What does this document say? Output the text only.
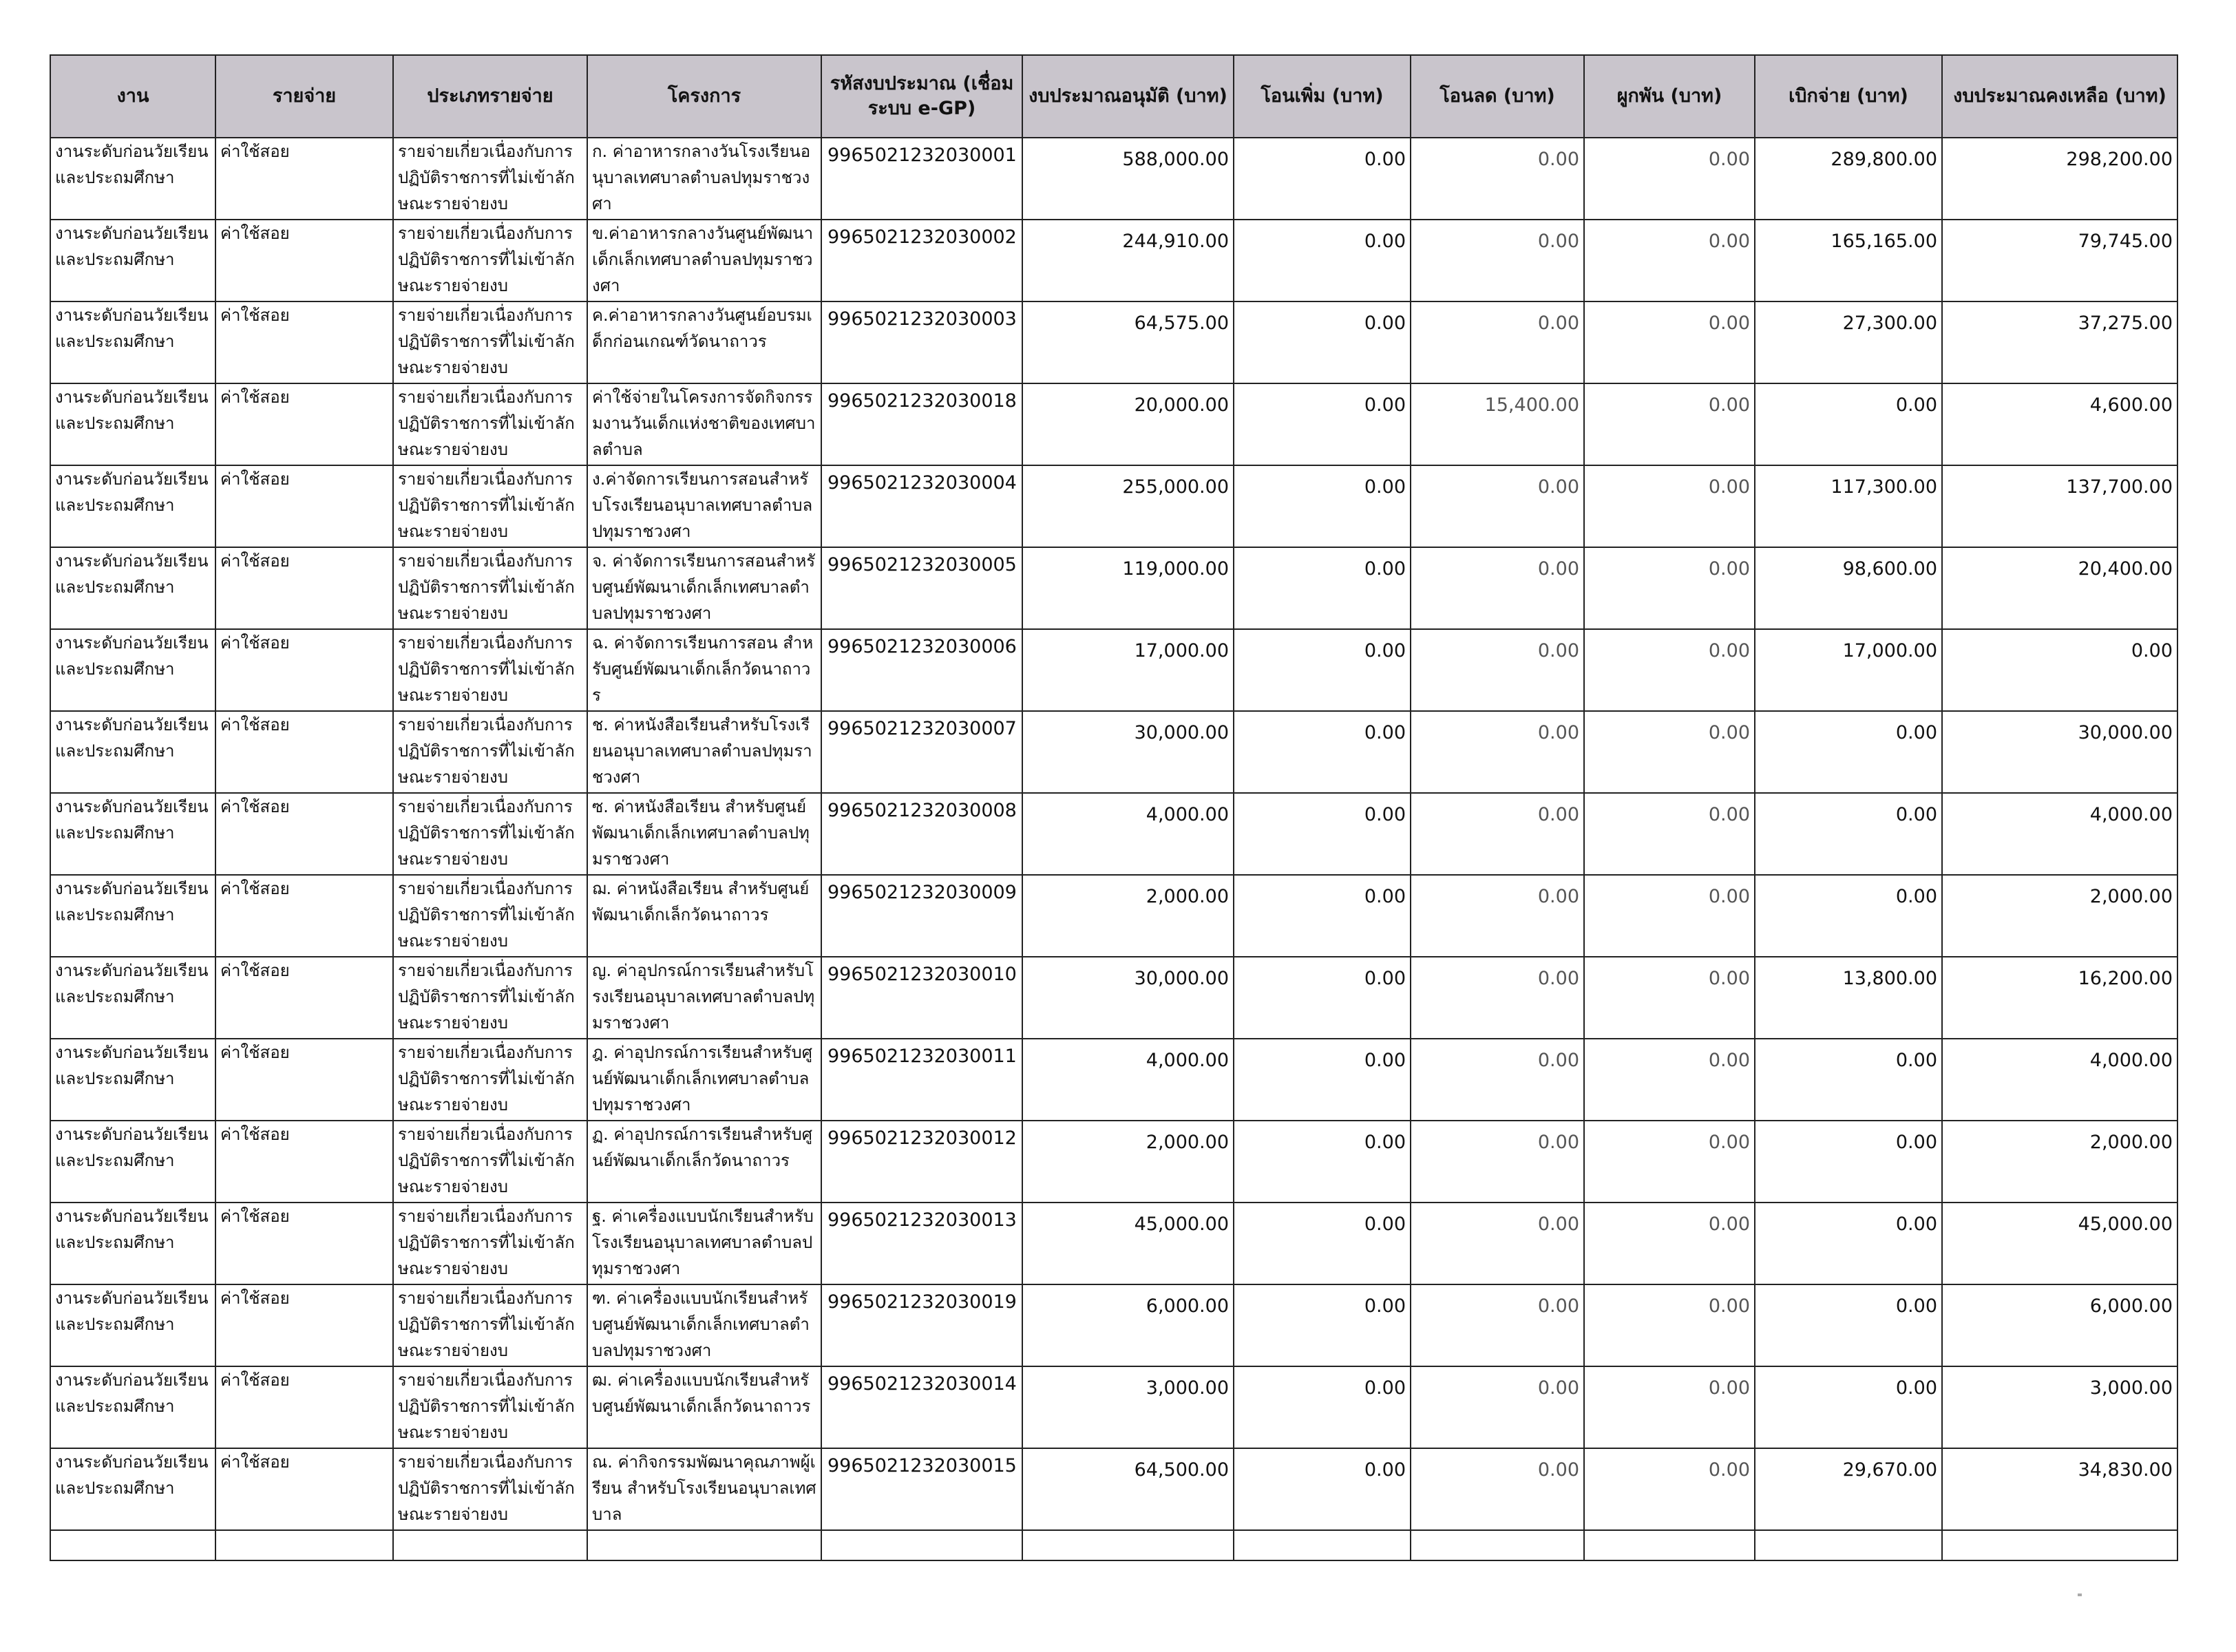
งาน	รายจ่าย	ประเภทรายจ่าย	โครงการ	รหัสงบประมาณ (เชื่อมระบบ e-GP)	งบประมาณอนุมัติ (บาท)	โอนเพิ่ม (บาท)	โอนลด (บาท)	ผูกพัน (บาท)	เบิกจ่าย (บาท)	งบประมาณคงเหลือ (บาท)
งานระดับก่อนวัยเรียนและประถมศึกษา	ค่าใช้สอย	รายจ่ายเกี่ยวเนื่องกับการปฏิบัติราชการที่ไม่เข้าลักษณะรายจ่ายงบ	ก. ค่าอาหารกลางวันโรงเรียนอนุบาลเทศบาลตำบลปทุมราชวงศา	9965021232030001	588,000.00	0.00	0.00	0.00	289,800.00	298,200.00
งานระดับก่อนวัยเรียนและประถมศึกษา	ค่าใช้สอย	รายจ่ายเกี่ยวเนื่องกับการปฏิบัติราชการที่ไม่เข้าลักษณะรายจ่ายงบ	ข.ค่าอาหารกลางวันศูนย์พัฒนาเด็กเล็กเทศบาลตำบลปทุมราชวงศา	9965021232030002	244,910.00	0.00	0.00	0.00	165,165.00	79,745.00
งานระดับก่อนวัยเรียนและประถมศึกษา	ค่าใช้สอย	รายจ่ายเกี่ยวเนื่องกับการปฏิบัติราชการที่ไม่เข้าลักษณะรายจ่ายงบ	ค.ค่าอาหารกลางวันศูนย์อบรมเด็กก่อนเกณฑ์วัดนาถาวร	9965021232030003	64,575.00	0.00	0.00	0.00	27,300.00	37,275.00
งานระดับก่อนวัยเรียนและประถมศึกษา	ค่าใช้สอย	รายจ่ายเกี่ยวเนื่องกับการปฏิบัติราชการที่ไม่เข้าลักษณะรายจ่ายงบ	ค่าใช้จ่ายในโครงการจัดกิจกรรมงานวันเด็กแห่งชาติของเทศบาลตำบล	9965021232030018	20,000.00	0.00	15,400.00	0.00	0.00	4,600.00
งานระดับก่อนวัยเรียนและประถมศึกษา	ค่าใช้สอย	รายจ่ายเกี่ยวเนื่องกับการปฏิบัติราชการที่ไม่เข้าลักษณะรายจ่ายงบ	ง.ค่าจัดการเรียนการสอนสำหรับโรงเรียนอนุบาลเทศบาลตำบลปทุมราชวงศา	9965021232030004	255,000.00	0.00	0.00	0.00	117,300.00	137,700.00
งานระดับก่อนวัยเรียนและประถมศึกษา	ค่าใช้สอย	รายจ่ายเกี่ยวเนื่องกับการปฏิบัติราชการที่ไม่เข้าลักษณะรายจ่ายงบ	จ. ค่าจัดการเรียนการสอนสำหรับศูนย์พัฒนาเด็กเล็กเทศบาลตำบลปทุมราชวงศา	9965021232030005	119,000.00	0.00	0.00	0.00	98,600.00	20,400.00
งานระดับก่อนวัยเรียนและประถมศึกษา	ค่าใช้สอย	รายจ่ายเกี่ยวเนื่องกับการปฏิบัติราชการที่ไม่เข้าลักษณะรายจ่ายงบ	ฉ. ค่าจัดการเรียนการสอน สำหรับศูนย์พัฒนาเด็กเล็กวัดนาถาวร	9965021232030006	17,000.00	0.00	0.00	0.00	17,000.00	0.00
งานระดับก่อนวัยเรียนและประถมศึกษา	ค่าใช้สอย	รายจ่ายเกี่ยวเนื่องกับการปฏิบัติราชการที่ไม่เข้าลักษณะรายจ่ายงบ	ช. ค่าหนังสือเรียนสำหรับโรงเรียนอนุบาลเทศบาลตำบลปทุมราชวงศา	9965021232030007	30,000.00	0.00	0.00	0.00	0.00	30,000.00
งานระดับก่อนวัยเรียนและประถมศึกษา	ค่าใช้สอย	รายจ่ายเกี่ยวเนื่องกับการปฏิบัติราชการที่ไม่เข้าลักษณะรายจ่ายงบ	ซ. ค่าหนังสือเรียน สำหรับศูนย์พัฒนาเด็กเล็กเทศบาลตำบลปทุมราชวงศา	9965021232030008	4,000.00	0.00	0.00	0.00	0.00	4,000.00
งานระดับก่อนวัยเรียนและประถมศึกษา	ค่าใช้สอย	รายจ่ายเกี่ยวเนื่องกับการปฏิบัติราชการที่ไม่เข้าลักษณะรายจ่ายงบ	ฌ. ค่าหนังสือเรียน สำหรับศูนย์พัฒนาเด็กเล็กวัดนาถาวร	9965021232030009	2,000.00	0.00	0.00	0.00	0.00	2,000.00
งานระดับก่อนวัยเรียนและประถมศึกษา	ค่าใช้สอย	รายจ่ายเกี่ยวเนื่องกับการปฏิบัติราชการที่ไม่เข้าลักษณะรายจ่ายงบ	ญ. ค่าอุปกรณ์การเรียนสำหรับโรงเรียนอนุบาลเทศบาลตำบลปทุมราชวงศา	9965021232030010	30,000.00	0.00	0.00	0.00	13,800.00	16,200.00
งานระดับก่อนวัยเรียนและประถมศึกษา	ค่าใช้สอย	รายจ่ายเกี่ยวเนื่องกับการปฏิบัติราชการที่ไม่เข้าลักษณะรายจ่ายงบ	ฎ. ค่าอุปกรณ์การเรียนสำหรับศูนย์พัฒนาเด็กเล็กเทศบาลตำบลปทุมราชวงศา	9965021232030011	4,000.00	0.00	0.00	0.00	0.00	4,000.00
งานระดับก่อนวัยเรียนและประถมศึกษา	ค่าใช้สอย	รายจ่ายเกี่ยวเนื่องกับการปฏิบัติราชการที่ไม่เข้าลักษณะรายจ่ายงบ	ฏ. ค่าอุปกรณ์การเรียนสำหรับศูนย์พัฒนาเด็กเล็กวัดนาถาวร	9965021232030012	2,000.00	0.00	0.00	0.00	0.00	2,000.00
งานระดับก่อนวัยเรียนและประถมศึกษา	ค่าใช้สอย	รายจ่ายเกี่ยวเนื่องกับการปฏิบัติราชการที่ไม่เข้าลักษณะรายจ่ายงบ	ฐ. ค่าเครื่องแบบนักเรียนสำหรับโรงเรียนอนุบาลเทศบาลตำบลปทุมราชวงศา	9965021232030013	45,000.00	0.00	0.00	0.00	0.00	45,000.00
งานระดับก่อนวัยเรียนและประถมศึกษา	ค่าใช้สอย	รายจ่ายเกี่ยวเนื่องกับการปฏิบัติราชการที่ไม่เข้าลักษณะรายจ่ายงบ	ฑ. ค่าเครื่องแบบนักเรียนสำหรับศูนย์พัฒนาเด็กเล็กเทศบาลตำบลปทุมราชวงศา	9965021232030019	6,000.00	0.00	0.00	0.00	0.00	6,000.00
งานระดับก่อนวัยเรียนและประถมศึกษา	ค่าใช้สอย	รายจ่ายเกี่ยวเนื่องกับการปฏิบัติราชการที่ไม่เข้าลักษณะรายจ่ายงบ	ฒ. ค่าเครื่องแบบนักเรียนสำหรับศูนย์พัฒนาเด็กเล็กวัดนาถาวร	9965021232030014	3,000.00	0.00	0.00	0.00	0.00	3,000.00
งานระดับก่อนวัยเรียนและประถมศึกษา	ค่าใช้สอย	รายจ่ายเกี่ยวเนื่องกับการปฏิบัติราชการที่ไม่เข้าลักษณะรายจ่ายงบ	ณ. ค่ากิจกรรมพัฒนาคุณภาพผู้เรียน สำหรับโรงเรียนอนุบาลเทศบาล	9965021232030015	64,500.00	0.00	0.00	0.00	29,670.00	34,830.00
